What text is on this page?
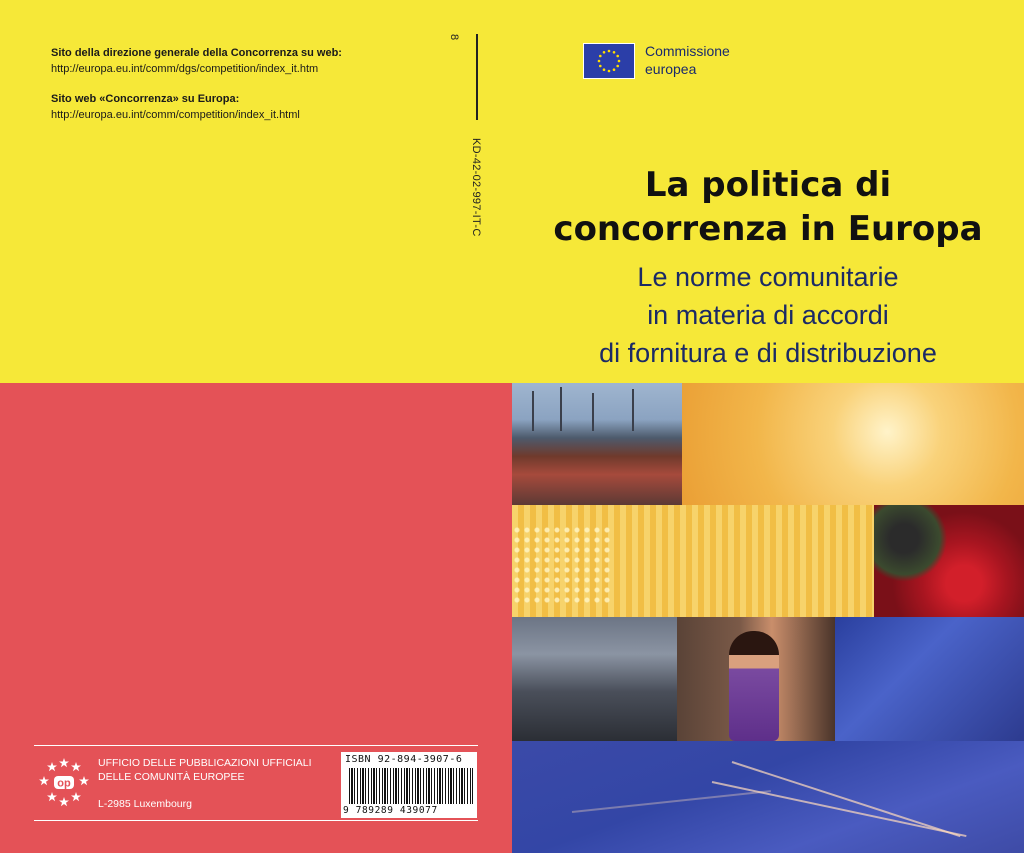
Sito della direzione generale della Concorrenza su web:
http://europa.eu.int/comm/dgs/competition/index_it.htm
Sito web «Concorrenza» su Europa:
http://europa.eu.int/comm/competition/index_it.html
8
KD-42-02-997-IT-C
Commissione
europea
La politica di
concorrenza in Europa
Le norme comunitarie
in materia di accordi
di fornitura e di distribuzione
op
UFFICIO DELLE PUBBLICAZIONI UFFICIALI
DELLE COMUNITÀ EUROPEE
L-2985 Luxembourg
ISBN 92-894-3907-6
9 789289 439077
